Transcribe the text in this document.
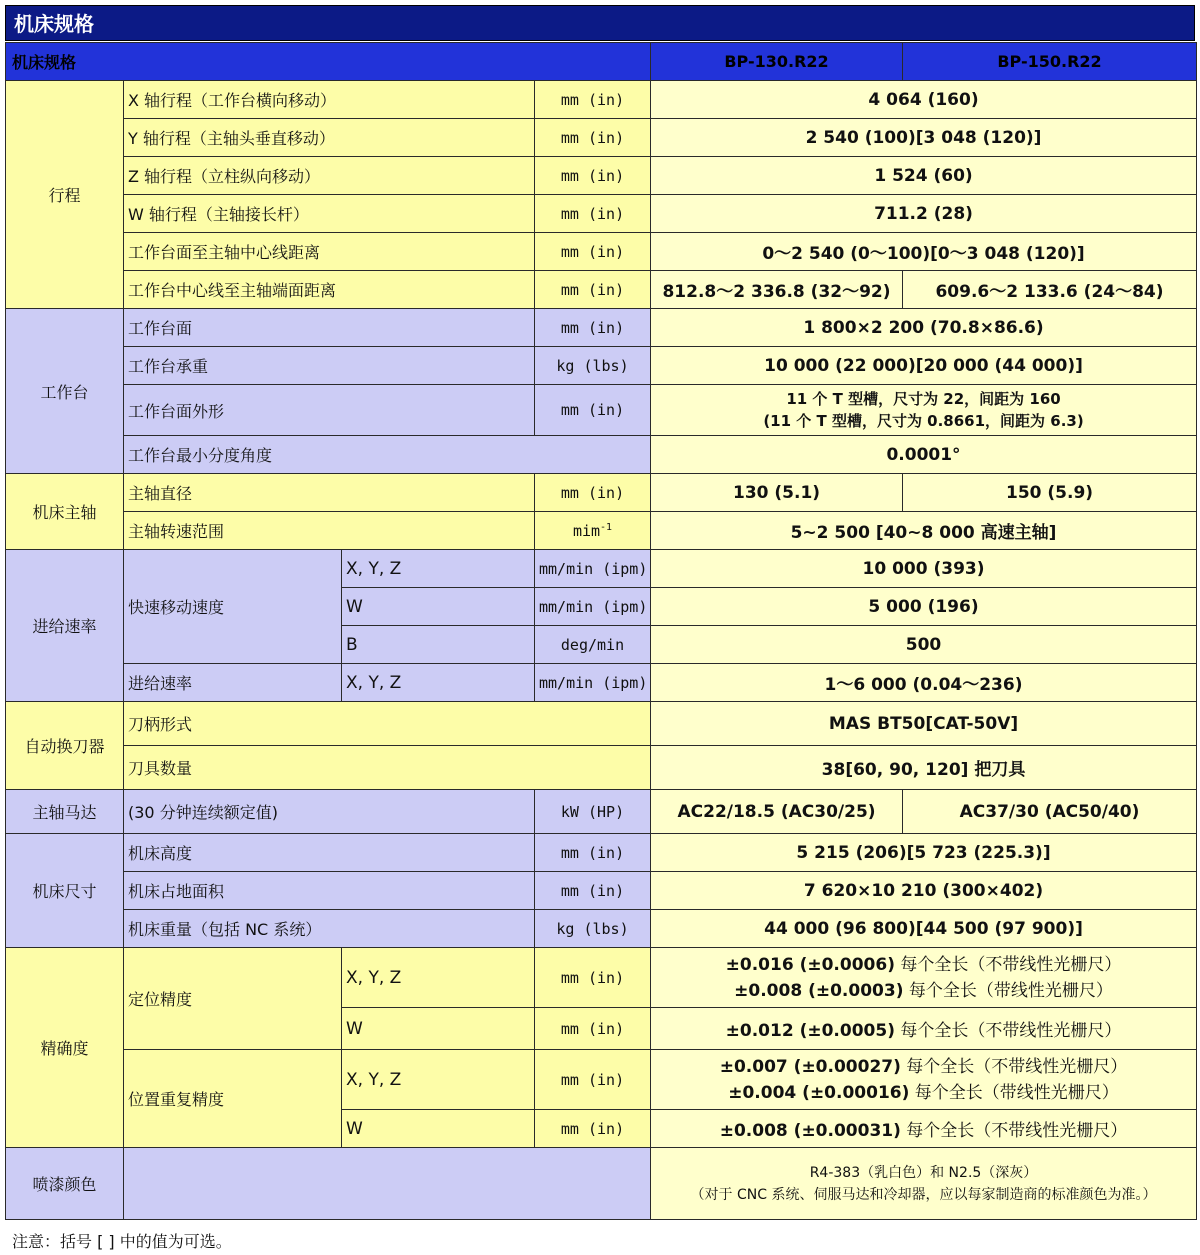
机床规格
机床规格				BP-130.R22	BP-150.R22
行程	X 轴行程（工作台横向移动）		mm (in)	4 064 (160)	
	Y 轴行程（主轴头垂直移动）		mm (in)	2 540 (100)[3 048 (120)]	
	Z 轴行程（立柱纵向移动）		mm (in)	1 524 (60)	
	W 轴行程（主轴接长杆）		mm (in)	711.2 (28)	
	工作台面至主轴中心线距离		mm (in)	0～2 540 (0～100)[0～3 048 (120)]	
	工作台中心线至主轴端面距离		mm (in)	812.8～2 336.8 (32～92)	609.6～2 133.6 (24～84)
工作台	工作台面		mm (in)	1 800×2 200 (70.8×86.6)	
	工作台承重		kg (lbs)	10 000 (22 000)[20 000 (44 000)]	
	工作台面外形		mm (in)	11 个 T 型槽，尺寸为 22，间距为 160
(11 个 T 型槽，尺寸为 0.8661，间距为 6.3)	

	工作台最小分度角度			0.0001°	
机床主轴	主轴直径		mm (in)	130 (5.1)	150 (5.9)
	主轴转速范围		mim$^{-1}$	5~2 500 [40~8 000 高速主轴]	
进给速率	快速移动速度	X, Y, Z	mm/min (ipm)	10 000 (393)	
		W	mm/min (ipm)	5 000 (196)	
		B	deg/min	500	
	进给速率	X, Y, Z	mm/min (ipm)	1～6 000 (0.04～236)	
自动换刀器	刀柄形式			MAS BT50[CAT-50V]	
	刀具数量			38[60, 90, 120] 把刀具	
主轴马达	(30 分钟连续额定值)		kW (HP)	AC22/18.5 (AC30/25)	AC37/30 (AC50/40)
机床尺寸	机床高度		mm (in)	5 215 (206)[5 723 (225.3)]	
	机床占地面积		mm (in)	7 620×10 210 (300×402)	
	机床重量（包括 NC 系统）		kg (lbs)	44 000 (96 800)[44 500 (97 900)]	
精确度	定位精度	X, Y, Z	mm (in)	±0.016 (±0.0006) 每个全长（不带线性光栅尺）
±0.008 (±0.0003) 每个全长（带线性光栅尺）	

		W	mm (in)	±0.012 (±0.0005) 每个全长（不带线性光栅尺）	
	位置重复精度	X, Y, Z	mm (in)	±0.007 (±0.00027) 每个全长（不带线性光栅尺）
±0.004 (±0.00016) 每个全长（带线性光栅尺）	

		W	mm (in)	±0.008 (±0.00031) 每个全长（不带线性光栅尺）	
喷漆颜色				R4-383（乳白色）和 N2.5（深灰）
（对于 CNC 系统、伺服马达和冷却器，应以每家制造商的标准颜色为准。）	
注意：括号 [ ] 中的值为可选。
